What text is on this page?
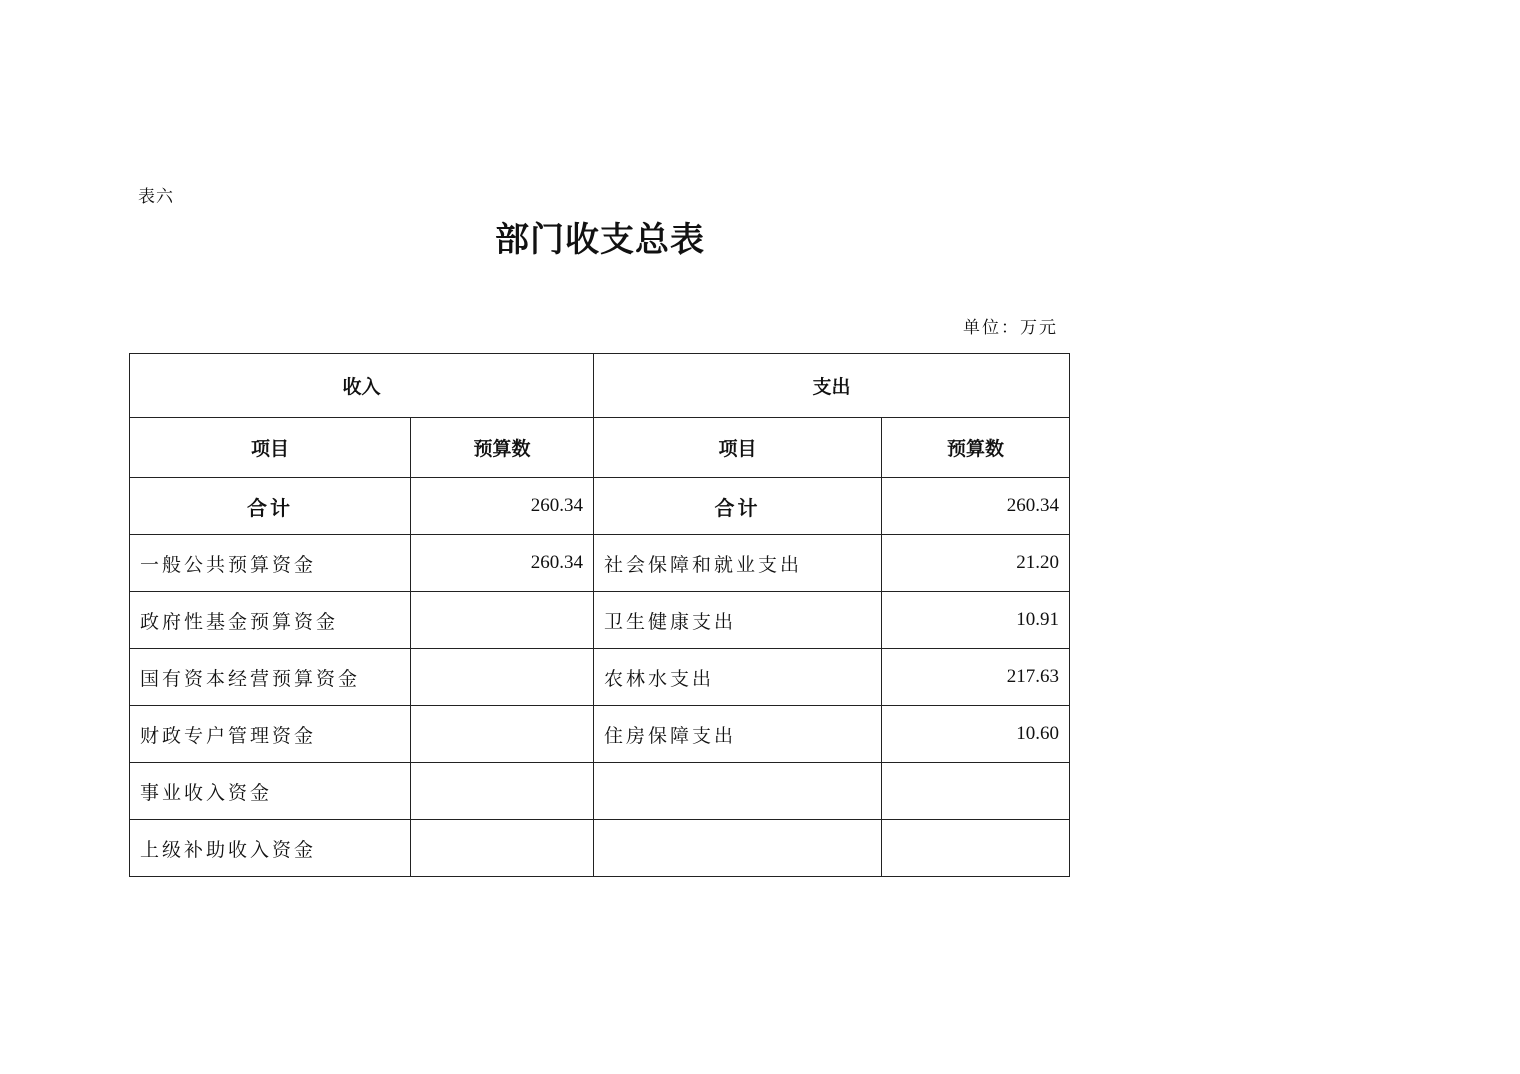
表六
部门收支总表
单位：万元
收入		支出	
项目	预算数	项目	预算数
合计	260.34	合计	260.34
一般公共预算资金	260.34	社会保障和就业支出	21.20
政府性基金预算资金		卫生健康支出	10.91
国有资本经营预算资金		农林水支出	217.63
财政专户管理资金		住房保障支出	10.60
事业收入资金			
上级补助收入资金			
